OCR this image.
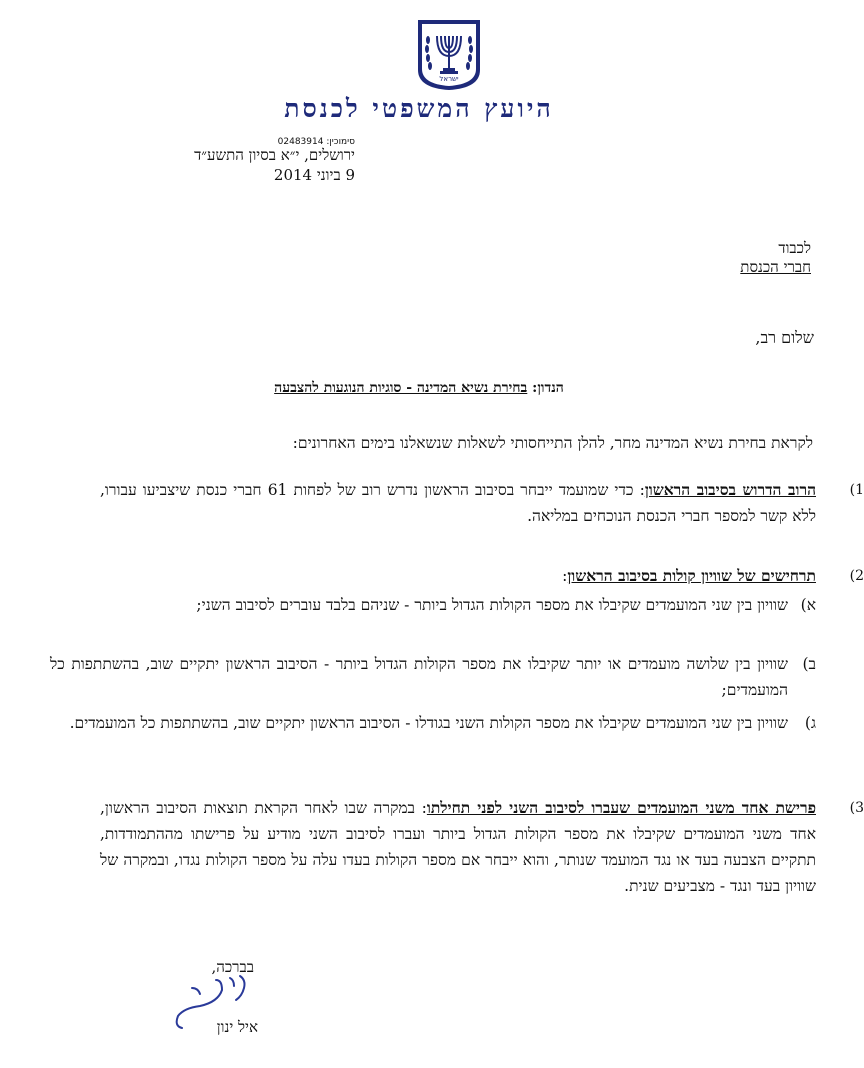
ישראל
היועץ המשפטי לכנסת
סימוכין: 02483914
ירושלים, י״א בסיון התשע״ד
9 ביוני 2014
לכבוד
חברי הכנסת
שלום רב,
הנדון: בחירת נשיא המדינה - סוגיות הנוגעות להצבעה
לקראת בחירת נשיא המדינה מחר, להלן התייחסותי לשאלות שנשאלנו בימים האחרונים:
1)
הרוב הדרוש בסיבוב הראשון: כדי שמועמד ייבחר בסיבוב הראשון נדרש רוב של לפחות 61 חברי כנסת שיצביעו עבורו, ללא קשר למספר חברי הכנסת הנוכחים במליאה.
2)
תרחישים של שוויון קולות בסיבוב הראשון:
א)
שוויון בין שני המועמדים שקיבלו את מספר הקולות הגדול ביותר - שניהם בלבד עוברים לסיבוב השני;
ב)
שוויון בין שלושה מועמדים או יותר שקיבלו את מספר הקולות הגדול ביותר - הסיבוב הראשון יתקיים שוב, בהשתתפות כל המועמדים;
ג)
שוויון בין שני המועמדים שקיבלו את מספר הקולות השני בגודלו - הסיבוב הראשון יתקיים שוב, בהשתתפות כל המועמדים.
3)
פרישת אחד משני המועמדים שעברו לסיבוב השני לפני תחילתו: במקרה שבו לאחר הקראת תוצאות הסיבוב הראשון, אחד משני המועמדים שקיבלו את מספר הקולות הגדול ביותר ועברו לסיבוב השני מודיע על פרישתו מההתמודדות, תתקיים הצבעה בעד או נגד המועמד שנותר, והוא ייבחר אם מספר הקולות בעדו עלה על מספר הקולות נגדו, ובמקרה של שוויון בעד ונגד - מצביעים שנית.
בברכה,
איל ינון
